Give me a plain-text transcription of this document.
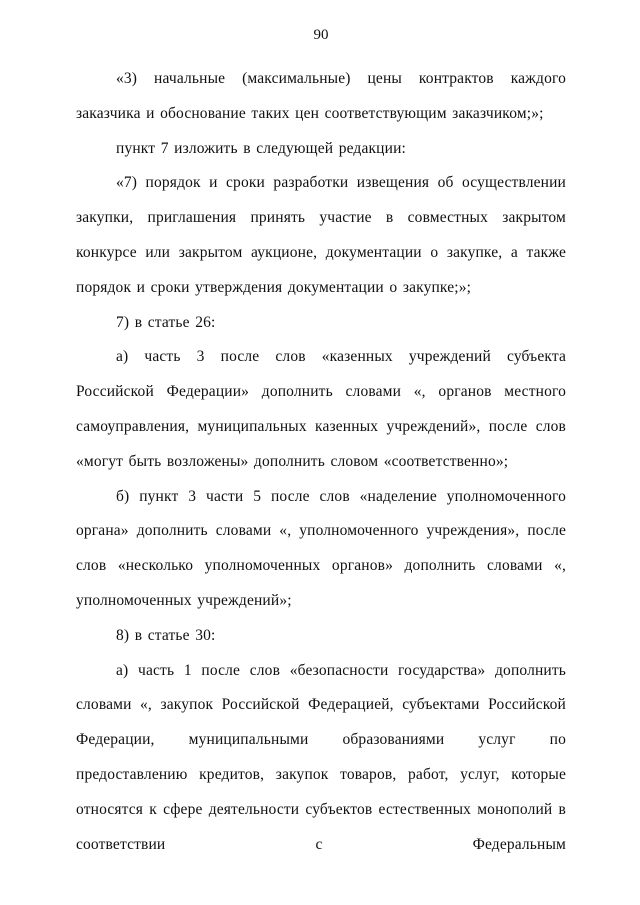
90

«3) начальные (максимальные) цены контрактов каждого заказчика и обоснование таких цен соответствующим заказчиком;»;

пункт 7 изложить в следующей редакции:

«7) порядок и сроки разработки извещения об осуществлении закупки, приглашения принять участие в совместных закрытом конкурсе или закрытом аукционе, документации о закупке, а также порядок и сроки утверждения документации о закупке;»;

7) в статье 26:

а) часть 3 после слов «казенных учреждений субъекта Российской Федерации» дополнить словами «, органов местного самоуправления, муниципальных казенных учреждений», после слов «могут быть возложены» дополнить словом «соответственно»;

б) пункт 3 части 5 после слов «наделение уполномоченного органа» дополнить словами «, уполномоченного учреждения», после слов «несколько уполномоченных органов» дополнить словами «, уполномоченных учреждений»;

8) в статье 30:

а) часть 1 после слов «безопасности государства» дополнить словами «, закупок Российской Федерацией, субъектами Российской Федерации, муниципальными образованиями услуг по предоставлению кредитов, закупок товаров, работ, услуг, которые относятся к сфере деятельности субъектов естественных монополий в соответствии с Федеральным
